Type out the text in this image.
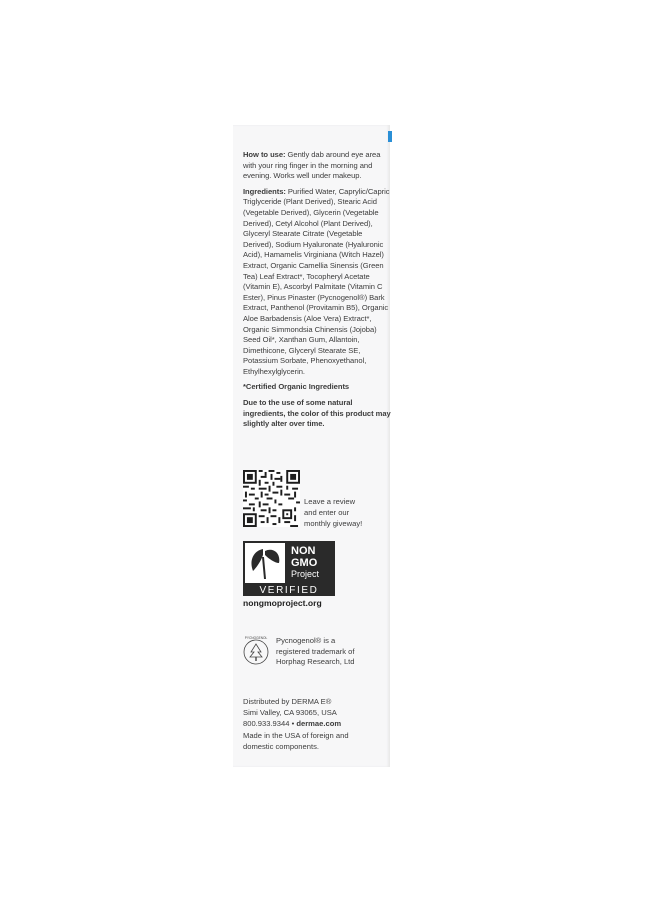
How to use: Gently dab around eye area with your ring finger in the morning and evening. Works well under makeup.

Ingredients: Purified Water, Caprylic/Capric Triglyceride (Plant Derived), Stearic Acid (Vegetable Derived), Glycerin (Vegetable Derived), Cetyl Alcohol (Plant Derived), Glyceryl Stearate Citrate (Vegetable Derived), Sodium Hyaluronate (Hyaluronic Acid), Hamamelis Virginiana (Witch Hazel) Extract, Organic Camellia Sinensis (Green Tea) Leaf Extract*, Tocopheryl Acetate (Vitamin E), Ascorbyl Palmitate (Vitamin C Ester), Pinus Pinaster (Pycnogenol®) Bark Extract, Panthenol (Provitamin B5), Organic Aloe Barbadensis (Aloe Vera) Extract*, Organic Simmondsia Chinensis (Jojoba) Seed Oil*, Xanthan Gum, Allantoin, Dimethicone, Glyceryl Stearate SE, Potassium Sorbate, Phenoxyethanol, Ethylhexylglycerin.

*Certified Organic Ingredients
Due to the use of some natural ingredients, the color of this product may slightly alter over time.
Leave a review
and enter our
monthly giveway!
NON
GMO
Project
VERIFIED
nongmoproject.org
PYCNOGENOL Pycnogenol® is a
registered trademark of
Horphag Research, Ltd
Distributed by DERMA E®
Simi Valley, CA 93065, USA
800.933.9344 • dermae.com
Made in the USA of foreign and
domestic components.
